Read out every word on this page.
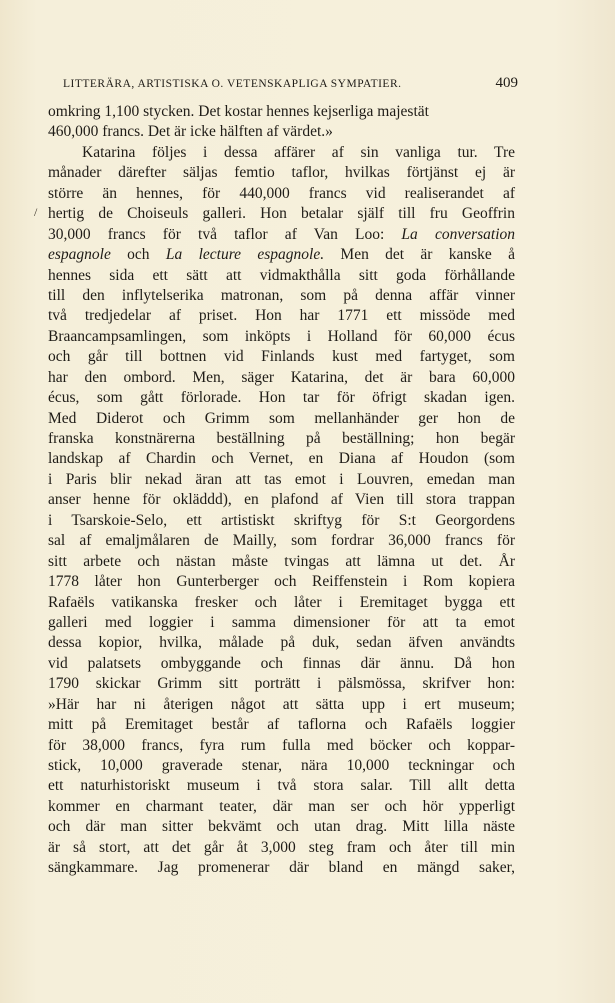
LITTERÄRA, ARTISTISKA O. VETENSKAPLIGA SYMPATIER.	409
/
omkring 1,100 stycken. Det kostar hennes kejserliga majestät
460,000 francs. Det är icke hälften af värdet.»
Katarina följes i dessa affärer af sin vanliga tur. Tre
månader därefter säljas femtio taflor, hvilkas förtjänst ej är
större än hennes, för 440,000 francs vid realiserandet af
hertig de Choiseuls galleri. Hon betalar själf till fru Geoffrin
30,000 francs för två taflor af Van Loo: La conversation
espagnole och La lecture espagnole. Men det är kanske å
hennes sida ett sätt att vidmakthålla sitt goda förhållande
till den inflytelserika matronan, som på denna affär vinner
två tredjedelar af priset. Hon har 1771 ett missöde med
Braancampsamlingen, som inköpts i Holland för 60,000 écus
och går till bottnen vid Finlands kust med fartyget, som
har den ombord. Men, säger Katarina, det är bara 60,000
écus, som gått förlorade. Hon tar för öfrigt skadan igen.
Med Diderot och Grimm som mellanhänder ger hon de
franska konstnärerna beställning på beställning; hon begär
landskap af Chardin och Vernet, en Diana af Houdon (som
i Paris blir nekad äran att tas emot i Louvren, emedan man
anser henne för okläddd), en plafond af Vien till stora trappan
i Tsarskoie-Selo, ett artistiskt skriftyg för S:t Georgordens
sal af emaljmålaren de Mailly, som fordrar 36,000 francs för
sitt arbete och nästan måste tvingas att lämna ut det. År
1778 låter hon Gunterberger och Reiffenstein i Rom kopiera
Rafaëls vatikanska fresker och låter i Eremitaget bygga ett
galleri med loggier i samma dimensioner för att ta emot
dessa kopior, hvilka, målade på duk, sedan äfven användts
vid palatsets ombyggande och finnas där ännu. Då hon
1790 skickar Grimm sitt porträtt i pälsmössa, skrifver hon:
»Här har ni återigen något att sätta upp i ert museum;
mitt på Eremitaget består af taflorna och Rafaëls loggier
för 38,000 francs, fyra rum fulla med böcker och koppar-
stick, 10,000 graverade stenar, nära 10,000 teckningar och
ett naturhistoriskt museum i två stora salar. Till allt detta
kommer en charmant teater, där man ser och hör ypperligt
och där man sitter bekvämt och utan drag. Mitt lilla näste
är så stort, att det går åt 3,000 steg fram och åter till min
sängkammare. Jag promenerar där bland en mängd saker,
